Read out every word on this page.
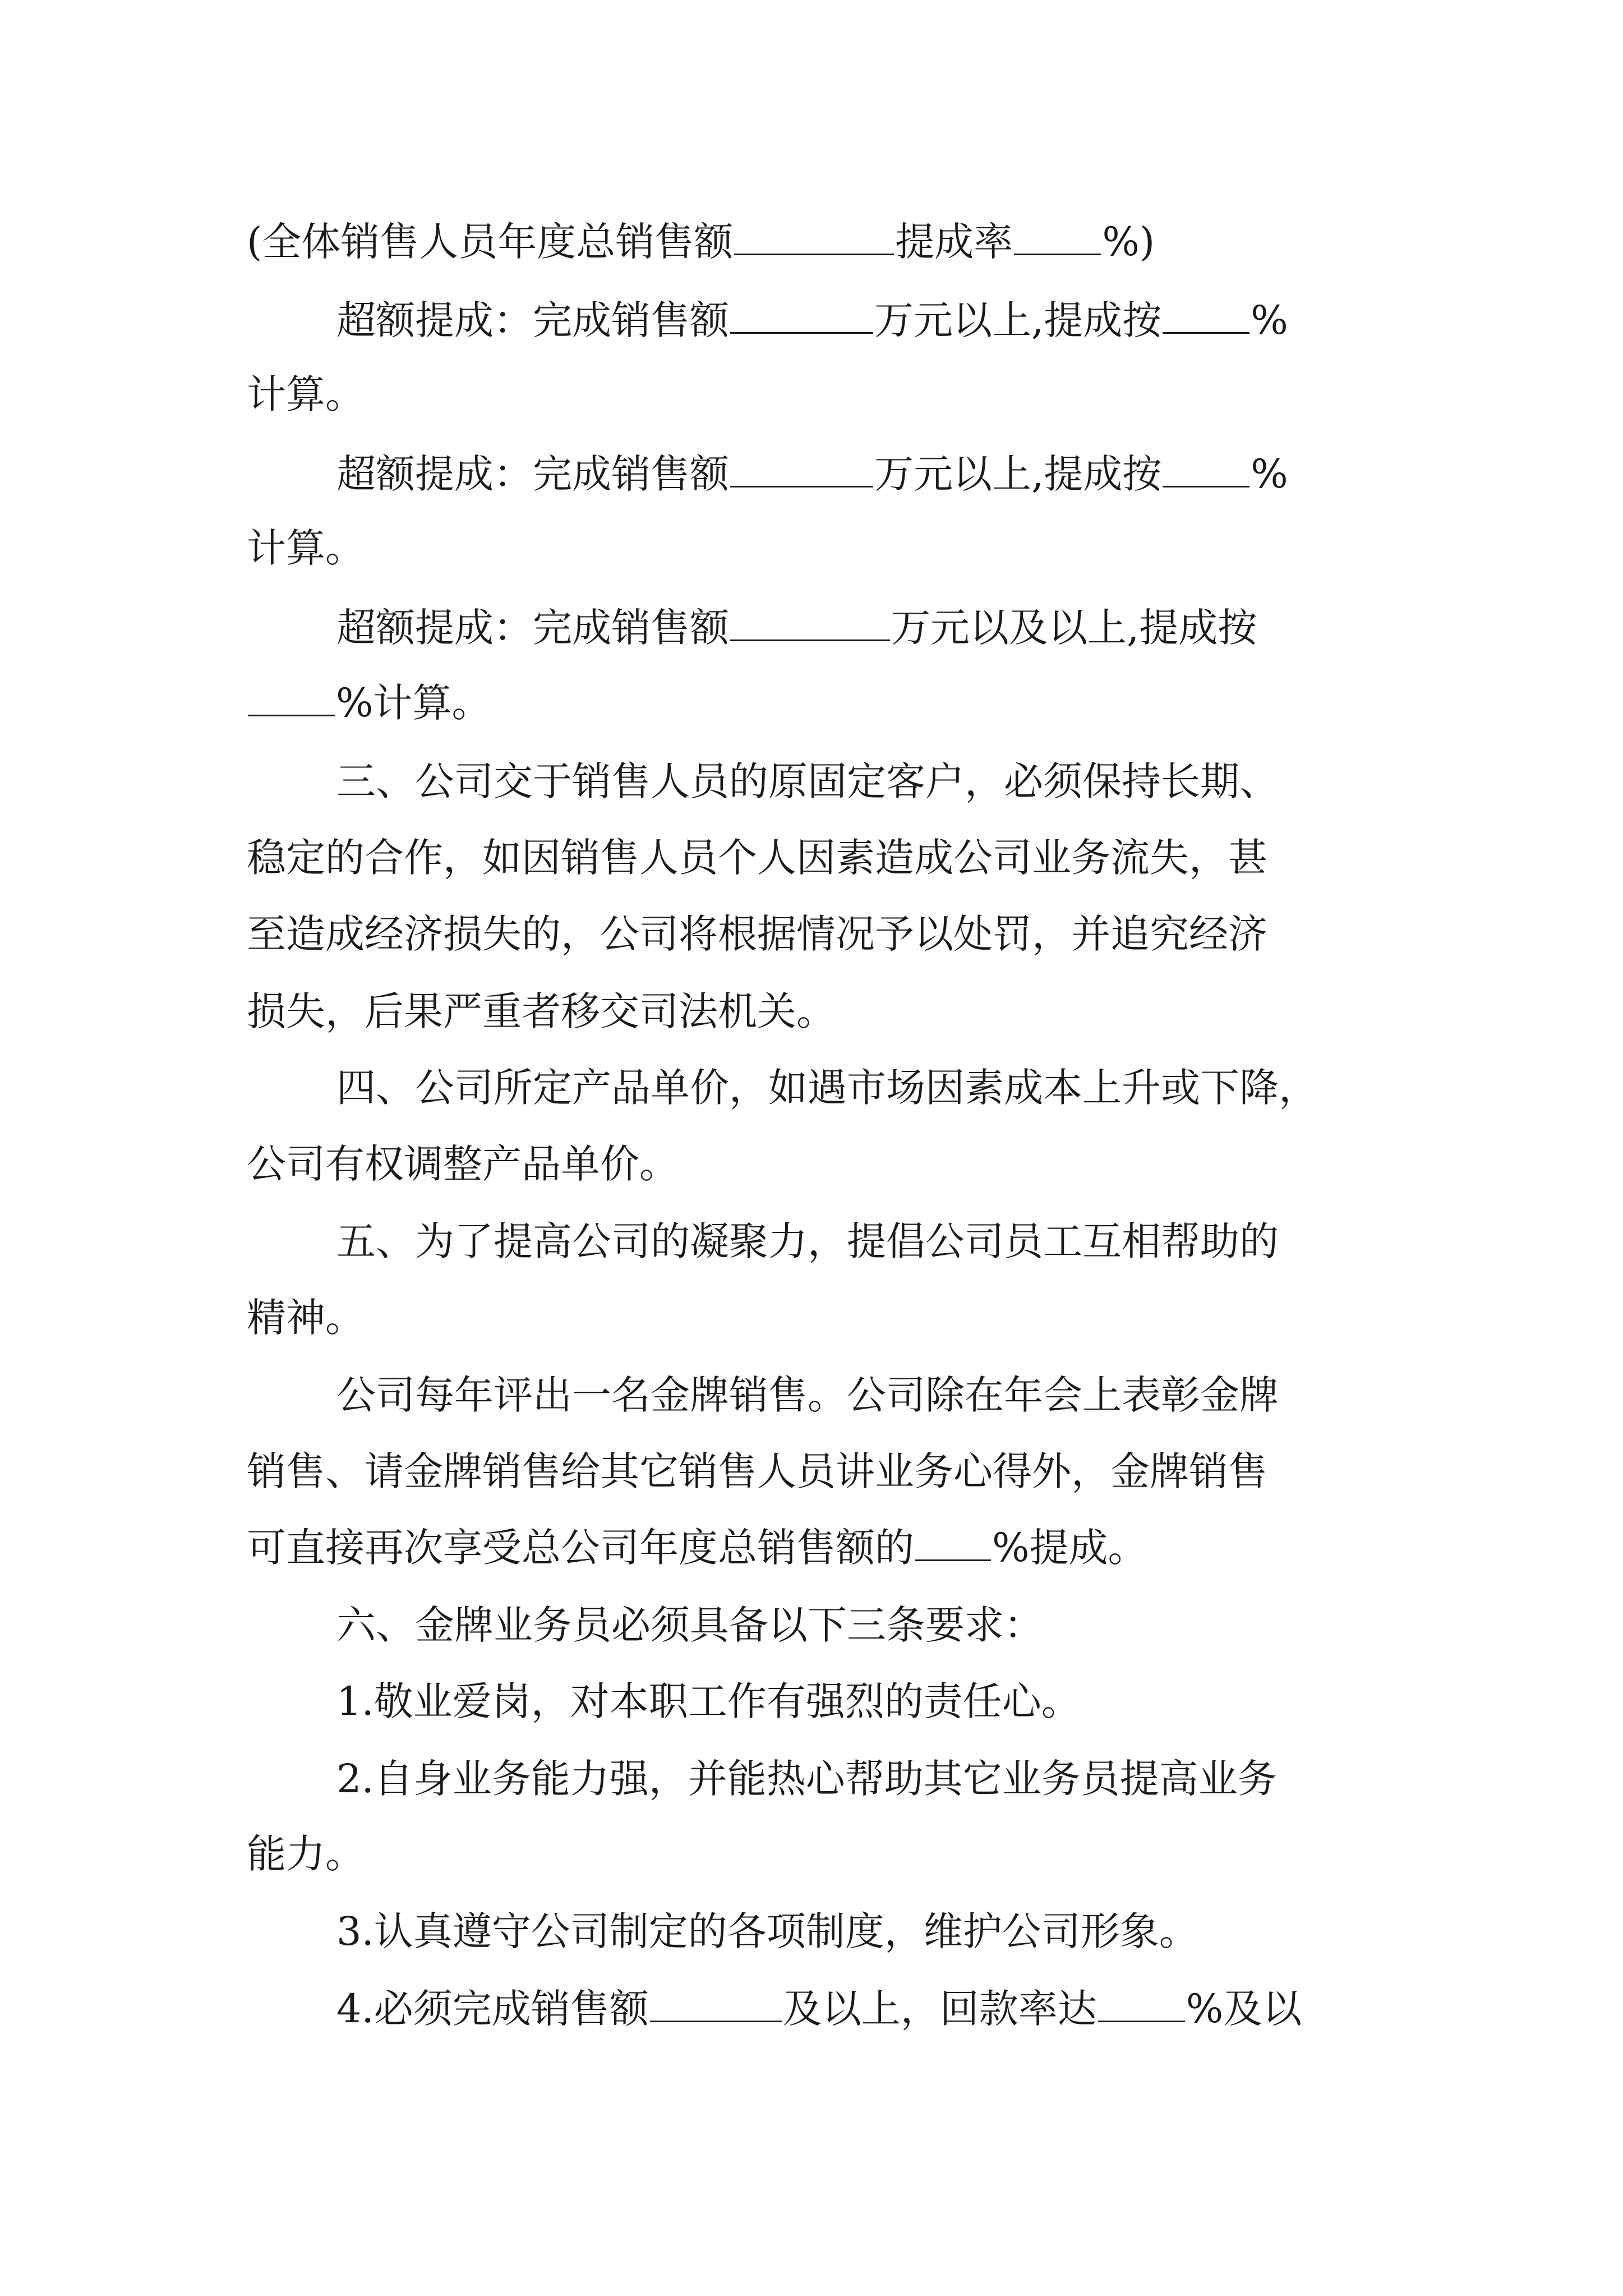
(全体销售人员年度总销售额	提成率 %)
超额提成：完成销售额	万元以上,提成按 %
计算。
超额提成：完成销售额	万元以上,提成按 %
计算。
超额提成：完成销售额	万元以及以上,提成按
%计算。
三、公司交于销售人员的原固定客户，必须保持长期、
稳定的合作，如因销售人员个人因素造成公司业务流失，甚
至造成经济损失的，公司将根据情况予以处罚，并追究经济
损失，后果严重者移交司法机关。
四、公司所定产品单价，如遇市场因素成本上升或下降，
公司有权调整产品单价。
五、为了提高公司的凝聚力，提倡公司员工互相帮助的
精神。
公司每年评出一名金牌销售。公司除在年会上表彰金牌
销售、请金牌销售给其它销售人员讲业务心得外，金牌销售
可直接再次享受总公司年度总销售额的 %提成。
六、金牌业务员必须具备以下三条要求：
1.敬业爱岗，对本职工作有强烈的责任心。
2.自身业务能力强，并能热心帮助其它业务员提高业务
能力。
3.认真遵守公司制定的各项制度，维护公司形象。
4.必须完成销售额	及以上，回款率达 %及以
